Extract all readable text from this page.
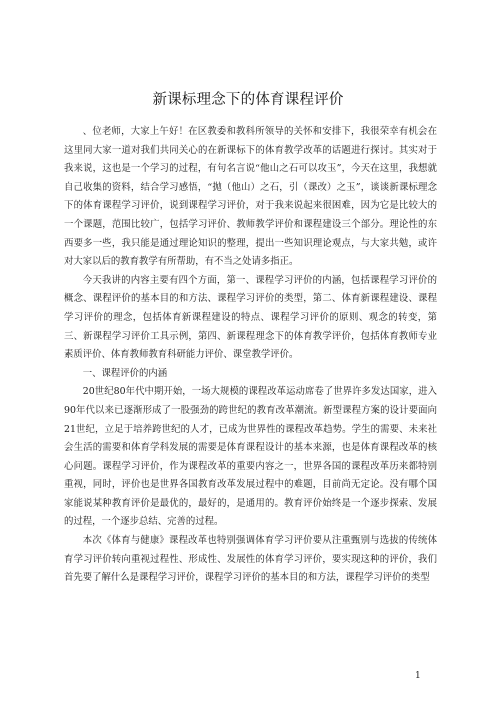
新课标理念下的体育课程评价

、位老师，大家上午好！在区教委和教科所领导的关怀和安排下，我很荣幸有机会在这里同大家一道对我们共同关心的在新课标下的体育教学改革的话题进行探讨。其实对于我来说，这也是一个学习的过程，有句名言说“他山之石可以攻玉”，今天在这里，我想就自己收集的资料，结合学习感悟，“抛（他山）之石，引（课改）之玉”，谈谈新课标理念下的体育课程学习评价，说到课程学习评价，对于我来说起来很困难，因为它是比较大的一个课题，范围比较广，包括学习评价、教师教学评价和课程建设三个部分。理论性的东西要多一些，我只能是通过理论知识的整理，提出一些知识理论观点，与大家共勉，或许对大家以后的教育教学有所帮助，有不当之处请多指正。

今天我讲的内容主要有四个方面，第一、课程学习评价的内涵，包括课程学习评价的概念、课程评价的基本目的和方法、课程学习评价的类型，第二、体育新课程建设、课程学习评价的理念，包括体育新课程建设的特点、课程学习评价的原则、观念的转变，第三、新课程学习评价工具示例，第四、新课程理念下的体育教学评价，包括体育教师专业素质评价、体育教师教育科研能力评价、课堂教学评价。

一、课程评价的内涵

20世纪80年代中期开始，一场大规模的课程改革运动席卷了世界许多发达国家，进入90年代以来已逐渐形成了一股强劲的跨世纪的教育改革潮流。新型课程方案的设计要面向21世纪，立足于培养跨世纪的人才，已成为世界性的课程改革趋势。学生的需要、未来社会生活的需要和体育学科发展的需要是体育课程设计的基本来源，也是体育课程改革的核心问题。课程学习评价，作为课程改革的重要内容之一，世界各国的课程改革历来都特别重视，同时，评价也是世界各国教育改革发展过程中的难题，目前尚无定论。没有哪个国家能说某种教育评价是最优的，最好的，是通用的。教育评价始终是一个逐步探索、发展的过程，一个逐步总结、完善的过程。

本次《体育与健康》课程改革也特别强调体育学习评价要从注重甄别与选拔的传统体育学习评价转向重视过程性、形成性、发展性的体育学习评价，要实现这种的评价，我们首先要了解什么是课程学习评价，课程学习评价的基本目的和方法，课程学习评价的类型

1
